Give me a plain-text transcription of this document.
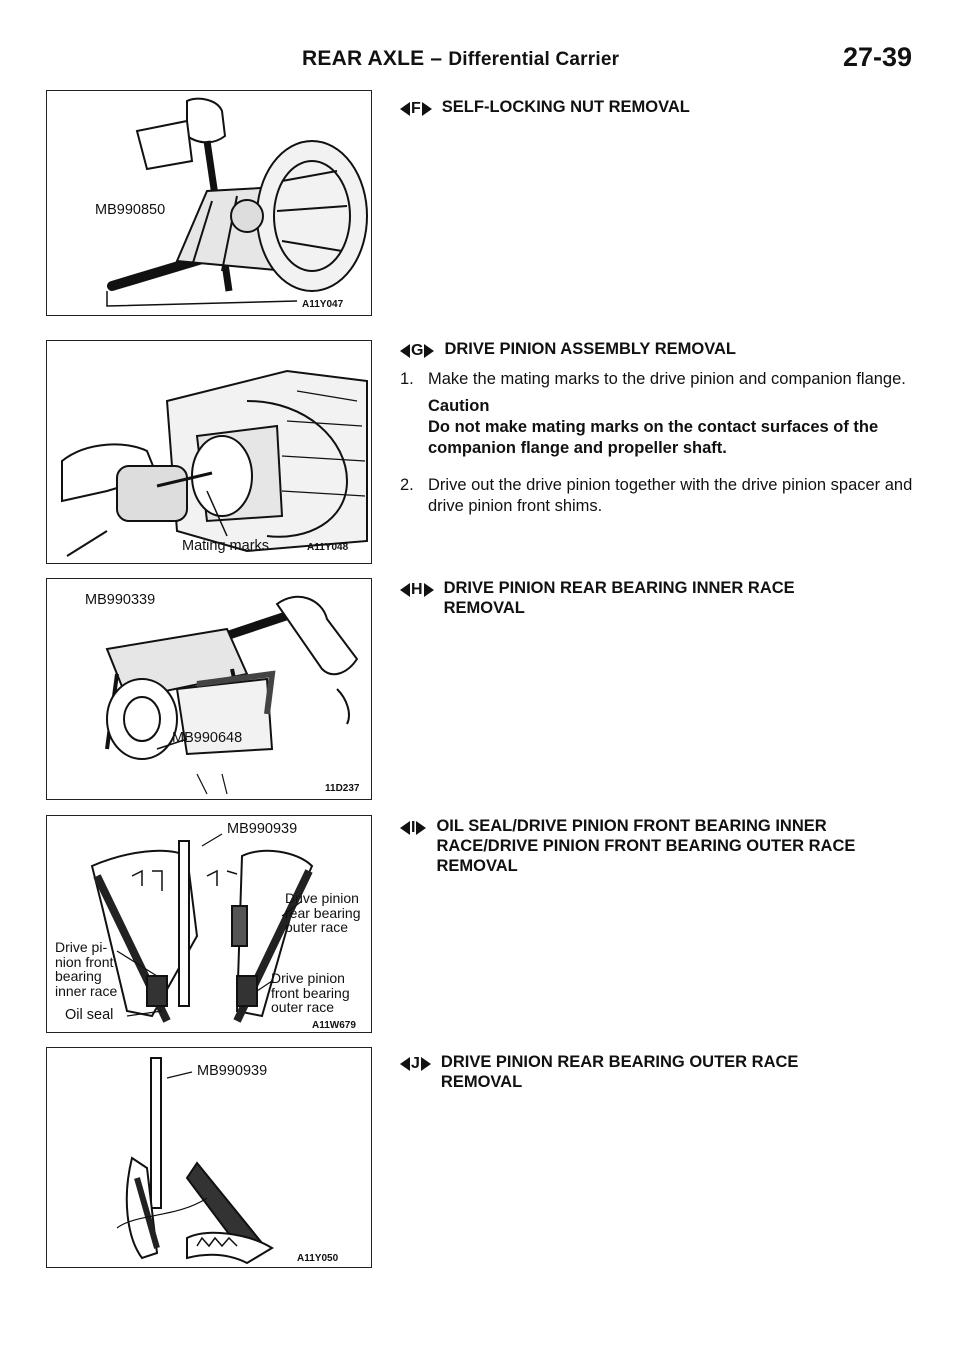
REAR AXLE – Differential Carrier	27-39
MB990850
A11Y047
Mating marks	A11Y048
MB990339
MB990648
11D237
MB990939
Drive pinion rear bearing outer race
Drive pi- nion front bearing inner race
Drive pinion front bearing outer race
Oil seal
A11W679
MB990939
A11Y050
F SELF-LOCKING NUT REMOVAL
G DRIVE PINION ASSEMBLY REMOVAL
1. Make the mating marks to the drive pinion and companion flange.
Caution
Do not make mating marks on the contact surfaces of the companion flange and propeller shaft.
2. Drive out the drive pinion together with the drive pinion spacer and drive pinion front shims.
H DRIVE PINION REAR BEARING INNER RACE REMOVAL
I OIL SEAL/DRIVE PINION FRONT BEARING INNER RACE/DRIVE PINION FRONT BEARING OUTER RACE REMOVAL
J DRIVE PINION REAR BEARING OUTER RACE REMOVAL
